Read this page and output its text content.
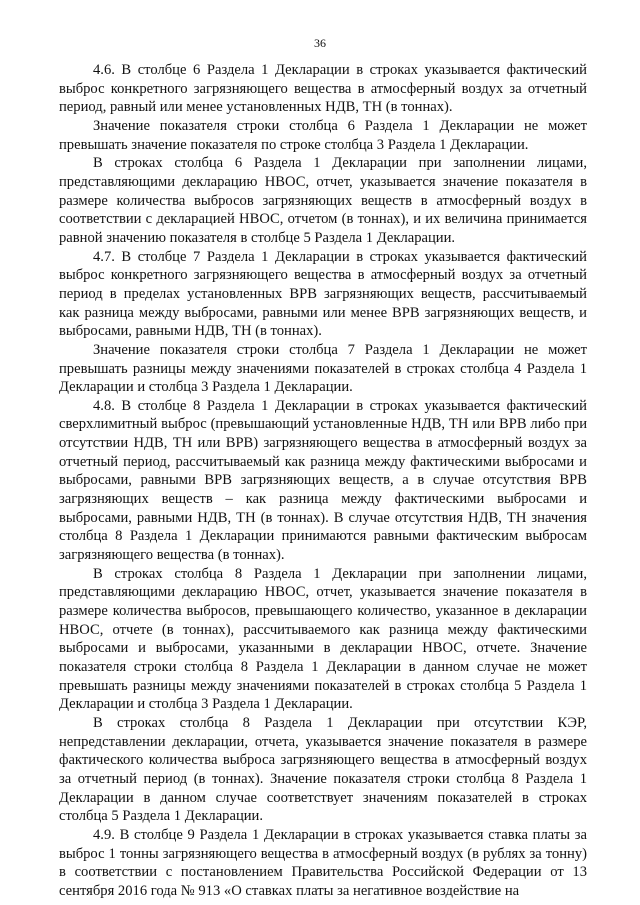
36

4.6. В столбце 6 Раздела 1 Декларации в строках указывается фактический выброс конкретного загрязняющего вещества в атмосферный воздух за отчетный период, равный или менее установленных НДВ, ТН (в тоннах).

Значение показателя строки столбца 6 Раздела 1 Декларации не может превышать значение показателя по строке столбца 3 Раздела 1 Декларации.

В строках столбца 6 Раздела 1 Декларации при заполнении лицами, представляющими декларацию НВОС, отчет, указывается значение показателя в размере количества выбросов загрязняющих веществ в атмосферный воздух в соответствии с декларацией НВОС, отчетом (в тоннах), и их величина принимается равной значению показателя в столбце 5 Раздела 1 Декларации.

4.7. В столбце 7 Раздела 1 Декларации в строках указывается фактический выброс конкретного загрязняющего вещества в атмосферный воздух за отчетный период в пределах установленных ВРВ загрязняющих веществ, рассчитываемый как разница между выбросами, равными или менее ВРВ загрязняющих веществ, и выбросами, равными НДВ, ТН (в тоннах).

Значение показателя строки столбца 7 Раздела 1 Декларации не может превышать разницы между значениями показателей в строках столбца 4 Раздела 1 Декларации и столбца 3 Раздела 1 Декларации.

4.8. В столбце 8 Раздела 1 Декларации в строках указывается фактический сверхлимитный выброс (превышающий установленные НДВ, ТН или ВРВ либо при отсутствии НДВ, ТН или ВРВ) загрязняющего вещества в атмосферный воздух за отчетный период, рассчитываемый как разница между фактическими выбросами и выбросами, равными ВРВ загрязняющих веществ, а в случае отсутствия ВРВ загрязняющих веществ – как разница между фактическими выбросами и выбросами, равными НДВ, ТН (в тоннах). В случае отсутствия НДВ, ТН значения столбца 8 Раздела 1 Декларации принимаются равными фактическим выбросам загрязняющего вещества (в тоннах).

В строках столбца 8 Раздела 1 Декларации при заполнении лицами, представляющими декларацию НВОС, отчет, указывается значение показателя в размере количества выбросов, превышающего количество, указанное в декларации НВОС, отчете (в тоннах), рассчитываемого как разница между фактическими выбросами и выбросами, указанными в декларации НВОС, отчете. Значение показателя строки столбца 8 Раздела 1 Декларации в данном случае не может превышать разницы между значениями показателей в строках столбца 5 Раздела 1 Декларации и столбца 3 Раздела 1 Декларации.

В строках столбца 8 Раздела 1 Декларации при отсутствии КЭР, непредставлении декларации, отчета, указывается значение показателя в размере фактического количества выброса загрязняющего вещества в атмосферный воздух за отчетный период (в тоннах). Значение показателя строки столбца 8 Раздела 1 Декларации в данном случае соответствует значениям показателей в строках столбца 5 Раздела 1 Декларации.

4.9. В столбце 9 Раздела 1 Декларации в строках указывается ставка платы за выброс 1 тонны загрязняющего вещества в атмосферный воздух (в рублях за тонну) в соответствии с постановлением Правительства Российской Федерации от 13 сентября 2016 года № 913 «О ставках платы за негативное воздействие на
